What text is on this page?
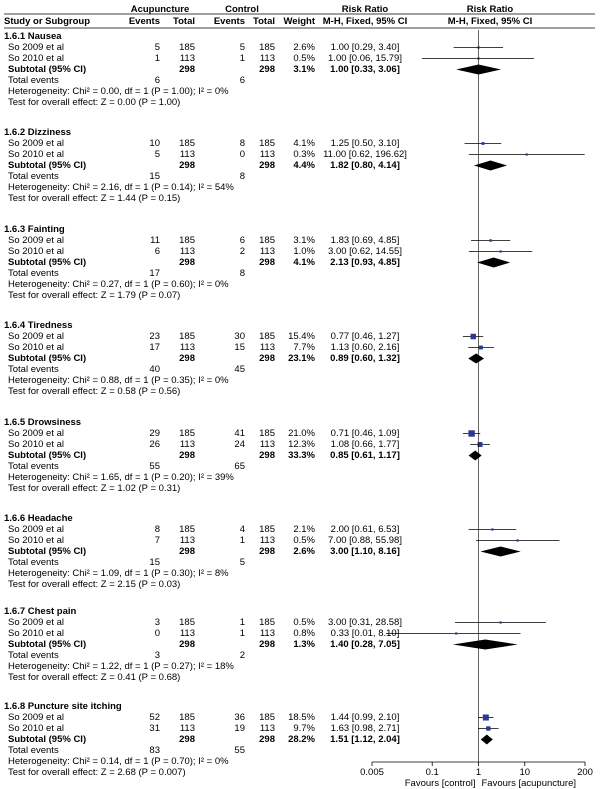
Acupuncture	Control	Risk Ratio	Risk Ratio
Study or Subgroup	Events Total Events Total Weight M-H, Fixed, 95% CI	M-H, Fixed, 95% CI
1.6.1 Nausea
So 2009 et al	5 185	5 185 2.6% 1.00 [0.29, 3.40]
So 2010 et al	1 113	1 113 0.5% 1.00 [0.06, 15.79]
Subtotal (95% CI)	298	298 3.1% 1.00 [0.33, 3.06]
Total events	6	6
Heterogeneity: Chi² = 0.00, df = 1 (P = 1.00); I² = 0%
Test for overall effect: Z = 0.00 (P = 1.00)
1.6.2 Dizziness
So 2009 et al	10 185	8 185 4.1% 1.25 [0.50, 3.10]
So 2010 et al	5 113	0 113 0.3% 11.00 [0.62, 196.62]
Subtotal (95% CI)	298	298 4.4% 1.82 [0.80, 4.14]
Total events	15	8
Heterogeneity: Chi² = 2.16, df = 1 (P = 0.14); I² = 54%
Test for overall effect: Z = 1.44 (P = 0.15)
1.6.3 Fainting
So 2009 et al	11 185	6 185 3.1% 1.83 [0.69, 4.85]
So 2010 et al	6 113	2 113 1.0% 3.00 [0.62, 14.55]
Subtotal (95% CI)	298	298 4.1% 2.13 [0.93, 4.85]
Total events	17	8
Heterogeneity: Chi² = 0.27, df = 1 (P = 0.60); I² = 0%
Test for overall effect: Z = 1.79 (P = 0.07)
1.6.4 Tiredness
So 2009 et al	23 185	30 185 15.4% 0.77 [0.46, 1.27]
So 2010 et al	17 113	15 113 7.7% 1.13 [0.60, 2.16]
Subtotal (95% CI)	298	298 23.1% 0.89 [0.60, 1.32]
Total events	40	45
Heterogeneity: Chi² = 0.88, df = 1 (P = 0.35); I² = 0%
Test for overall effect: Z = 0.58 (P = 0.56)
1.6.5 Drowsiness
So 2009 et al	29 185	41 185 21.0% 0.71 [0.46, 1.09]
So 2010 et al	26 113	24 113 12.3% 1.08 [0.66, 1.77]
Subtotal (95% CI)	298	298 33.3% 0.85 [0.61, 1.17]
Total events	55	65
Heterogeneity: Chi² = 1.65, df = 1 (P = 0.20); I² = 39%
Test for overall effect: Z = 1.02 (P = 0.31)
1.6.6 Headache
So 2009 et al	8 185	4 185 2.1% 2.00 [0.61, 6.53]
So 2010 et al	7 113	1 113 0.5% 7.00 [0.88, 55.98]
Subtotal (95% CI)	298	298 2.6% 3.00 [1.10, 8.16]
Total events	15	5
Heterogeneity: Chi² = 1.09, df = 1 (P = 0.30); I² = 8%
Test for overall effect: Z = 2.15 (P = 0.03)
1.6.7 Chest pain
So 2009 et al	3 185	1 185 0.5% 3.00 [0.31, 28.58]
So 2010 et al	0 113	1 113 0.8% 0.33 [0.01, 8.10]
Subtotal (95% CI)	298	298 1.3% 1.40 [0.28, 7.05]
Total events	3	2
Heterogeneity: Chi² = 1.22, df = 1 (P = 0.27); I² = 18%
Test for overall effect: Z = 0.41 (P = 0.68)
1.6.8 Puncture site itching
So 2009 et al	52 185	36 185 18.5% 1.44 [0.99, 2.10]
So 2010 et al	31 113	19 113 9.7% 1.63 [0.98, 2.71]
Subtotal (95% CI)	298	298 28.2% 1.51 [1.12, 2.04]
Total events	83	55
Heterogeneity: Chi² = 0.14, df = 1 (P = 0.70); I² = 0%
Test for overall effect: Z = 2.68 (P = 0.007)	0.005	0.1	1	10	200
Favours [control] Favours [acupuncture]
